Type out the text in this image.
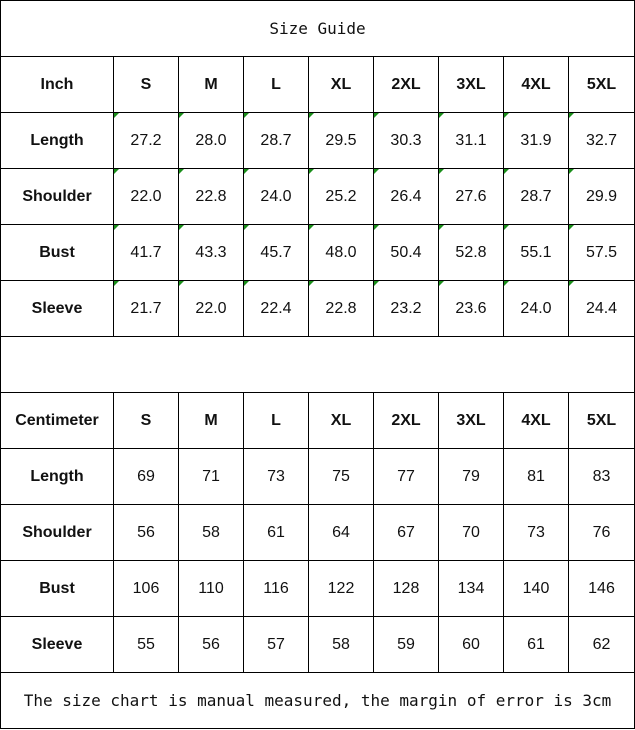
Size Guide								
Inch	S	M	L	XL	2XL	3XL	4XL	5XL
Length	27.2	28.0	28.7	29.5	30.3	31.1	31.9	32.7
Shoulder	22.0	22.8	24.0	25.2	26.4	27.6	28.7	29.9
Bust	41.7	43.3	45.7	48.0	50.4	52.8	55.1	57.5
Sleeve	21.7	22.0	22.4	22.8	23.2	23.6	24.0	24.4

Centimeter	S	M	L	XL	2XL	3XL	4XL	5XL
Length	69	71	73	75	77	79	81	83
Shoulder	56	58	61	64	67	70	73	76
Bust	106	110	116	122	128	134	140	146
Sleeve	55	56	57	58	59	60	61	62
The size chart is manual measured, the margin of error is 3cm								
